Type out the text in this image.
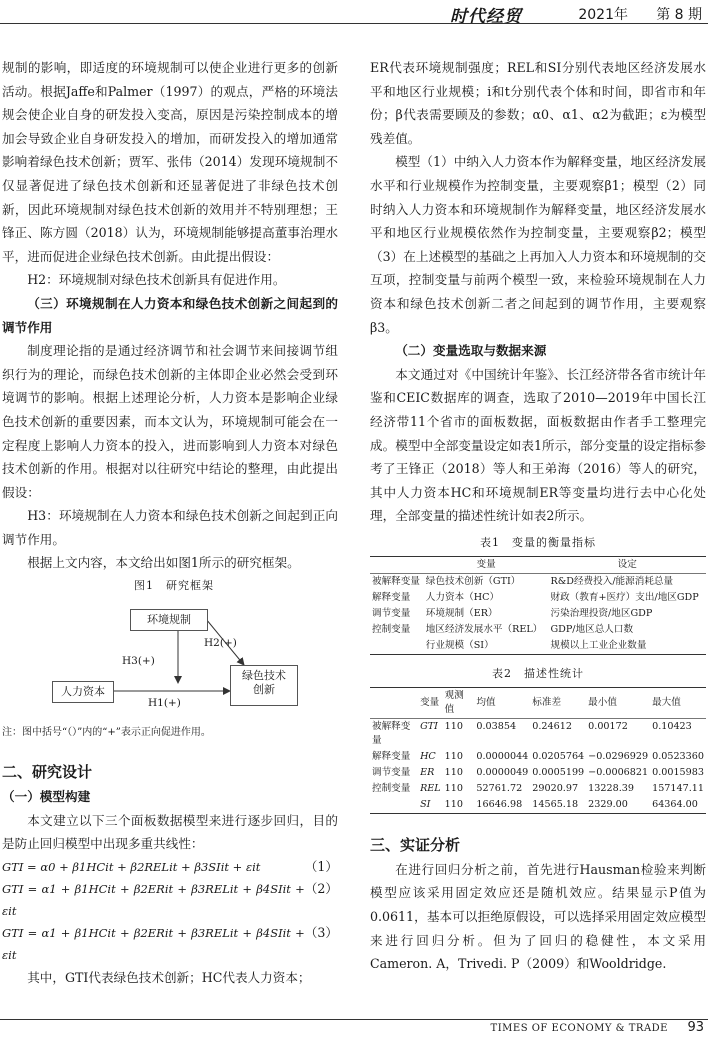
时代经贸	2021年 第 8 期

规制的影响，即适度的环境规制可以使企业进行更多的创新活动。根据Jaffe和Palmer（1997）的观点，严格的环境法规会使企业自身的研发投入变高，原因是污染控制成本的增加会导致企业自身研发投入的增加，而研发投入的增加通常影响着绿色技术创新；贾军、张伟（2014）发现环境规制不仅显著促进了绿色技术创新和还显著促进了非绿色技术创新，因此环境规制对绿色技术创新的效用并不特别理想；王锋正、陈方圆（2018）认为，环境规制能够提高董事治理水平，进而促进企业绿色技术创新。由此提出假设：

H2：环境规制对绿色技术创新具有促进作用。

（三）环境规制在人力资本和绿色技术创新之间起到的调节作用

制度理论指的是通过经济调节和社会调节来间接调节组织行为的理论，而绿色技术创新的主体即企业必然会受到环境调节的影响。根据上述理论分析，人力资本是影响企业绿色技术创新的重要因素，而本文认为，环境规制可能会在一定程度上影响人力资本的投入，进而影响到人力资本对绿色技术创新的作用。根据对以往研究中结论的整理，由此提出假设：

H3：环境规制在人力资本和绿色技术创新之间起到正向调节作用。

根据上文内容，本文给出如图1所示的研究框架。

图1　研究框架
环境规制
人力资本
绿色技术
创新
H1(+)
H2(+)
H3(+)

注：图中括号“（）”内的“+”表示正向促进作用。

二、研究设计

（一）模型构建

本文建立以下三个面板数据模型来进行逐步回归，目的是防止回归模型中出现多重共线性：

GTI = α0 + β1HCit + β2RELit + β3SIit + εit	（1）
GTI = α1 + β1HCit + β2ERit + β3RELit + β4SIit + εit
（2）
GTI = α1 + β1HCit + β2ERit + β3RELit + β4SIit + εit
（3）

其中，GTI代表绿色技术创新；HC代表人力资本；

ER代表环境规制强度；REL和SI分别代表地区经济发展水平和地区行业规模；i和t分别代表个体和时间，即省市和年份；β代表需要顾及的参数；α0、α1、α2为截距；ε为模型残差值。

模型（1）中纳入人力资本作为解释变量，地区经济发展水平和行业规模作为控制变量，主要观察β1；模型（2）同时纳入人力资本和环境规制作为解释变量，地区经济发展水平和地区行业规模依然作为控制变量，主要观察β2；模型（3）在上述模型的基础之上再加入人力资本和环境规制的交互项，控制变量与前两个模型一致，来检验环境规制在人力资本和绿色技术创新二者之间起到的调节作用，主要观察β3。

（二）变量选取与数据来源

本文通过对《中国统计年鉴》、长江经济带各省市统计年鉴和CEIC数据库的调查，选取了2010—2019年中国长江经济带11个省市的面板数据，面板数据由作者手工整理完成。模型中全部变量设定如表1所示，部分变量的设定指标参考了王锋正（2018）等人和王弟海（2016）等人的研究，其中人力资本HC和环境规制ER等变量均进行去中心化处理，全部变量的描述性统计如表2所示。

表1　变量的衡量指标
	变量	设定
被解释变量	绿色技术创新（GTI）	R&D经费投入/能源消耗总量
解释变量	人力资本（HC）	财政（教育+医疗）支出/地区GDP
调节变量	环境规制（ER）	污染治理投资/地区GDP
控制变量	地区经济发展水平（REL）	GDP/地区总人口数
	行业规模（SI）	规模以上工业企业数量
表2　描述性统计
	变量	观测值	均值	标准差	最小值	最大值
被解释变量	GTI	110	0.03854	0.24612	0.00172	0.10423
解释变量	HC	110	0.0000044	0.0205764	−0.0296929	0.0523360
调节变量	ER	110	0.0000049	0.0005199	−0.0006821	0.0015983
控制变量	REL	110	52761.72	29020.97	13228.39	157147.11
	SI	110	16646.98	14565.18	2329.00	64364.00

三、实证分析

在进行回归分析之前，首先进行Hausman检验来判断模型应该采用固定效应还是随机效应。结果显示P值为0.0611，基本可以拒绝原假设，可以选择采用固定效应模型来进行回归分析。但为了回归的稳健性，本文采用Cameron. A，Trivedi. P（2009）和Wooldridge.

TIMES OF ECONOMY & TRADE 93
